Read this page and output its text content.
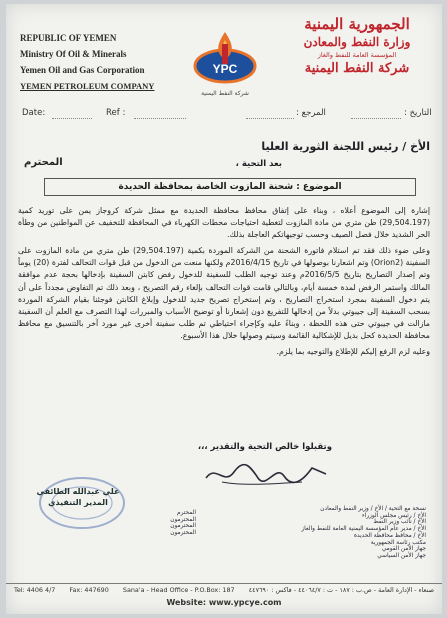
REPUBLIC OF YEMEN
Ministry Of Oil & Minerals
Yemen Oil and Gas Corporation
YEMEN PETROLEUM COMPANY
YPC
شركة النفط اليمنية
الجمهورية اليمنية
وزارة النفط والمعادن
المؤسسة العامة للنفط والغاز
شركة النفط اليمنية
Date:	Ref :	المرجع :	التاريخ :
الأخ / رئيس اللجنة الثورية العليا
المحترم	بعد التحية ،
الموضوع : شحنة المازوت الخاصة بمحافظة الحديدة

إشارة إلى الموضوع أعلاه ، وبناء على إتفاق محافظ محافظة الحديدة مع ممثل شركة كروجاز يمن على توريد كمية (29,504.197) طن متري من مادة المازوت لتغطية احتياجات محطات الكهرباء في المحافظة للتخفيف عن المواطنين من وطأة الحر الشديد خلال فصل الصيف وحسب توجيهاتكم العاجلة بذلك.

وعلى ضوء ذلك فقد تم استلام فاتورة الشحنة من الشركة الموردة بكمية (29,504.197) طن متري من مادة المازوت على السفينة (Orion2) وتم اشعارنا بوصولها في تاريخ 2016/4/15م ولكنها منعت من الدخول من قبل قوات التحالف لفترة (20) يوماً وتم إصدار التصاريح بتاريخ 2016/5/5م وعند توجيه الطلب للسفينة للدخول رفض كابتن السفينة بإدخالها بحجة عدم موافقة المالك واستمر الرفض لمدة خمسة أيام، وبالتالي قامت قوات التحالف بإلغاء رقم التصريح ، وبعد ذلك تم التفاوض مجدداً على أن يتم دخول السفينة بمجرد استخراج التصاريح ، وتم إستخراج تصريح جديد للدخول وإبلاغ الكابتن فوجئنا بقيام الشركة الموردة بسحب السفينة إلى جيبوتي بدلاً من إدخالها للتفريغ دون إشعارنا أو توضيح الأسباب والمبررات لهذا التصرف مع العلم أن السفينة مازالت في جيبوتي حتى هذه اللحظة ، وبناءً عليه وكإجراء احتياطي تم طلب سفينة أخرى غير مورد آخر بالتنسيق مع محافظ محافظة الحديدة كحل بديل للإشكالية القائمة وسيتم وصولها خلال هذا الأسبوع.

وعليه لزم الرفع إليكم للإطلاع والتوجيه بما يلزم.

وتقبلوا خالص التحية والتقدير ،،،
علي عبدالله الطائفي
المدير التنفيذي
نسخة مع التحية / الأخ / وزير النفط والمعادن
الأخ / رئيس مجلس الوزراء
الأخ / نائب وزير النفط
الأخ / مدير عام المؤسسة اليمنية العامة للنفط والغاز
الأخ / محافظ محافظة الحديدة
مكتب رئاسة الجمهورية
جهاز الأمن القومي
جهاز الأمن السياسي
المحترم
المحترمون
المحترمون
المحترمون
Tel: 4406 4/7 Fax: 447690 Sana'a - Head Office - P.O.Box: 187 صنعاء - الإدارة العامة - ص.ب : ١٨٧ - ت : ٤٤٠٦٤/٧ - فاكس : ٤٤٧٦٩٠
Website: www.ypcye.com
